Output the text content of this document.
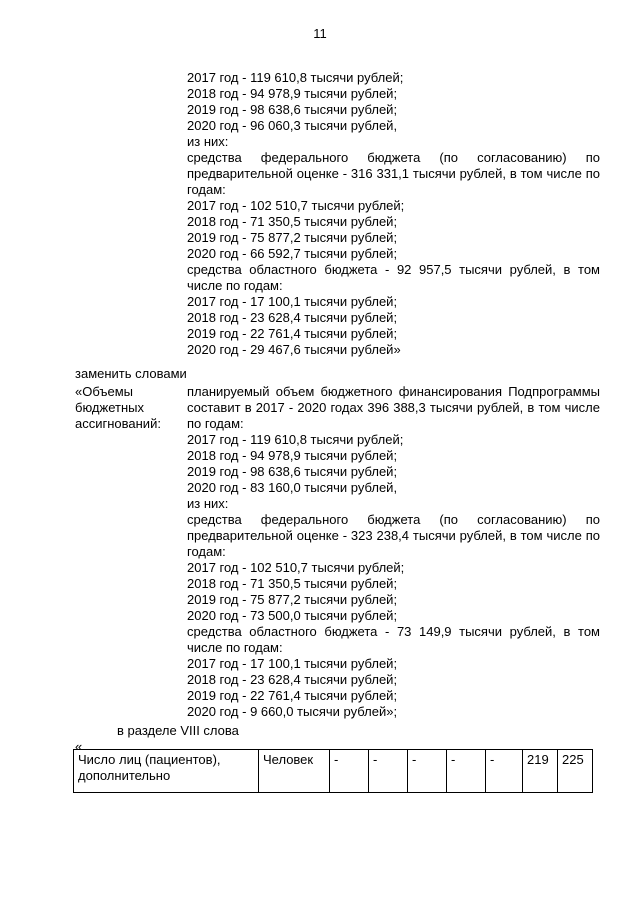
11

2017 год - 119 610,8 тысячи рублей;

2018 год - 94 978,9 тысячи рублей;

2019 год - 98 638,6 тысячи рублей;

2020 год - 96 060,3 тысячи рублей,

из них:

средства федерального бюджета (по согласованию) по предварительной оценке - 316 331,1 тысячи рублей, в том числе по годам:

2017 год - 102 510,7 тысячи рублей;

2018 год - 71 350,5 тысячи рублей;

2019 год - 75 877,2 тысячи рублей;

2020 год - 66 592,7 тысячи рублей;

средства областного бюджета - 92 957,5 тысячи рублей, в том числе по годам:

2017 год - 17 100,1 тысячи рублей;

2018 год - 23 628,4 тысячи рублей;

2019 год - 22 761,4 тысячи рублей;

2020 год - 29 467,6 тысячи рублей»

заменить словами

«Объемы

бюджетных

ассигнований:

планируемый объем бюджетного финансирования Подпрограммы составит в 2017 - 2020 годах 396 388,3 тысячи рублей, в том числе по годам:

2017 год - 119 610,8 тысячи рублей;

2018 год - 94 978,9 тысячи рублей;

2019 год - 98 638,6 тысячи рублей;

2020 год - 83 160,0 тысячи рублей,

из них:

средства федерального бюджета (по согласованию) по предварительной оценке - 323 238,4 тысячи рублей, в том числе по годам:

2017 год - 102 510,7 тысячи рублей;

2018 год - 71 350,5 тысячи рублей;

2019 год - 75 877,2 тысячи рублей;

2020 год - 73 500,0 тысячи рублей;

средства областного бюджета - 73 149,9 тысячи рублей, в том числе по годам:

2017 год - 17 100,1 тысячи рублей;

2018 год - 23 628,4 тысячи рублей;

2019 год - 22 761,4 тысячи рублей;

2020 год - 9 660,0 тысячи рублей»;

в разделе VIII слова

«

Число лиц (пациентов), дополнительно	Человек	-	-	-	-	-	219	225
